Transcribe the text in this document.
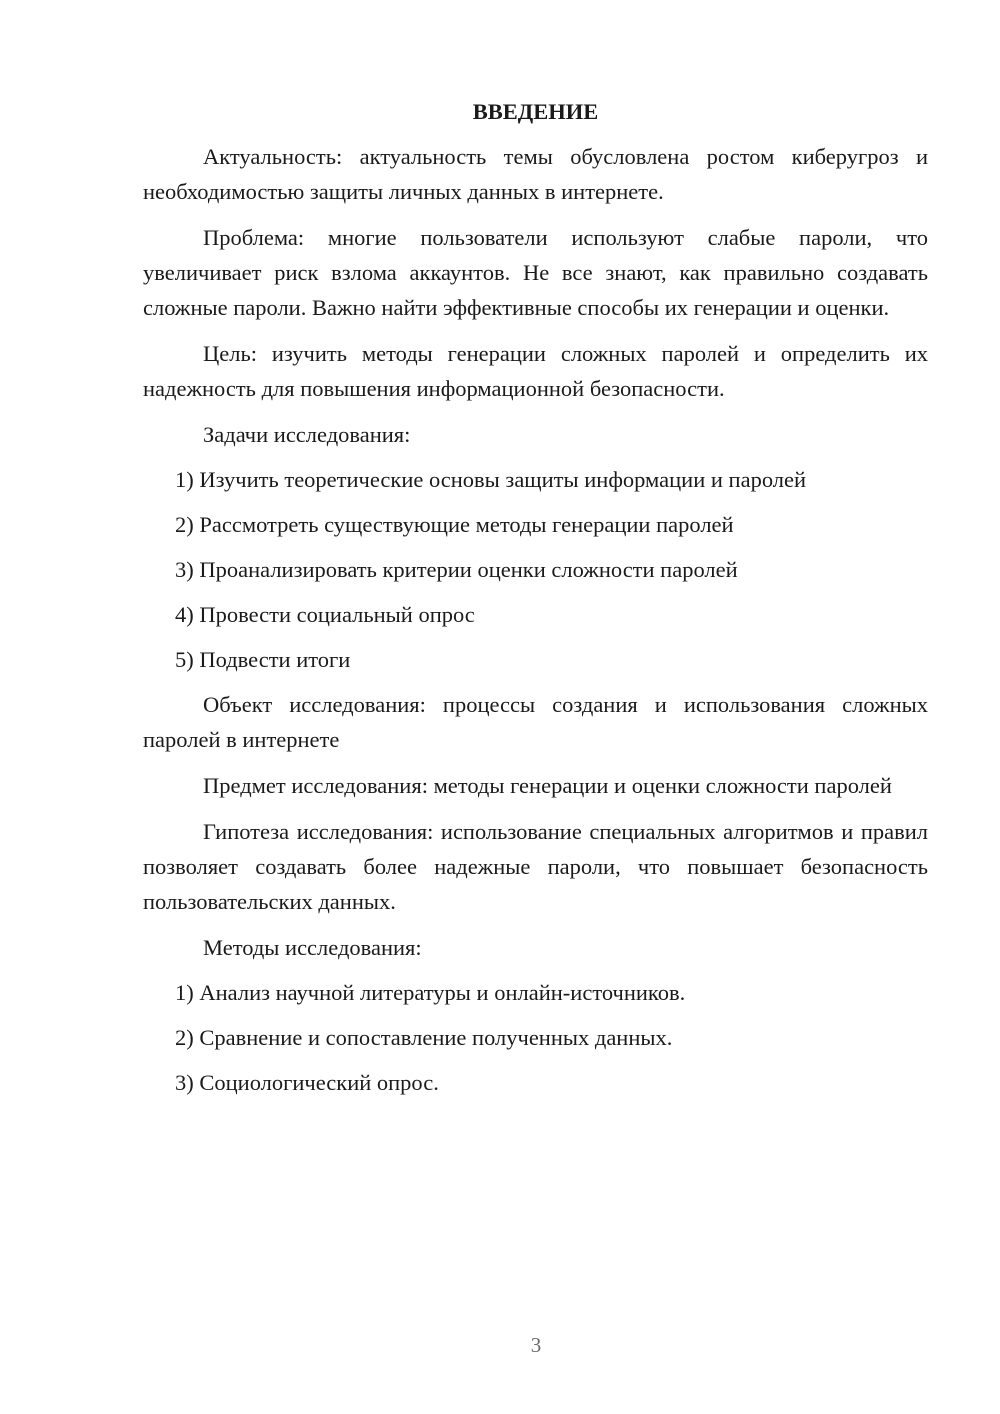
ВВЕДЕНИЕ

Актуальность: актуальность темы обусловлена ростом киберугроз и необходимостью защиты личных данных в интернете.

Проблема: многие пользователи используют слабые пароли, что увеличивает риск взлома аккаунтов. Не все знают, как правильно создавать сложные пароли. Важно найти эффективные способы их генерации и оценки.

Цель: изучить методы генерации сложных паролей и определить их надежность для повышения информационной безопасности.

Задачи исследования:

1) Изучить теоретические основы защиты информации и паролей

2) Рассмотреть существующие методы генерации паролей

3) Проанализировать критерии оценки сложности паролей

4) Провести социальный опрос

5) Подвести итоги

Объект исследования: процессы создания и использования сложных паролей в интернете

Предмет исследования: методы генерации и оценки сложности паролей

Гипотеза исследования: использование специальных алгоритмов и правил позволяет создавать более надежные пароли, что повышает безопасность пользовательских данных.

Методы исследования:

1) Анализ научной литературы и онлайн-источников.

2) Сравнение и сопоставление полученных данных.

3) Социологический опрос.

3
